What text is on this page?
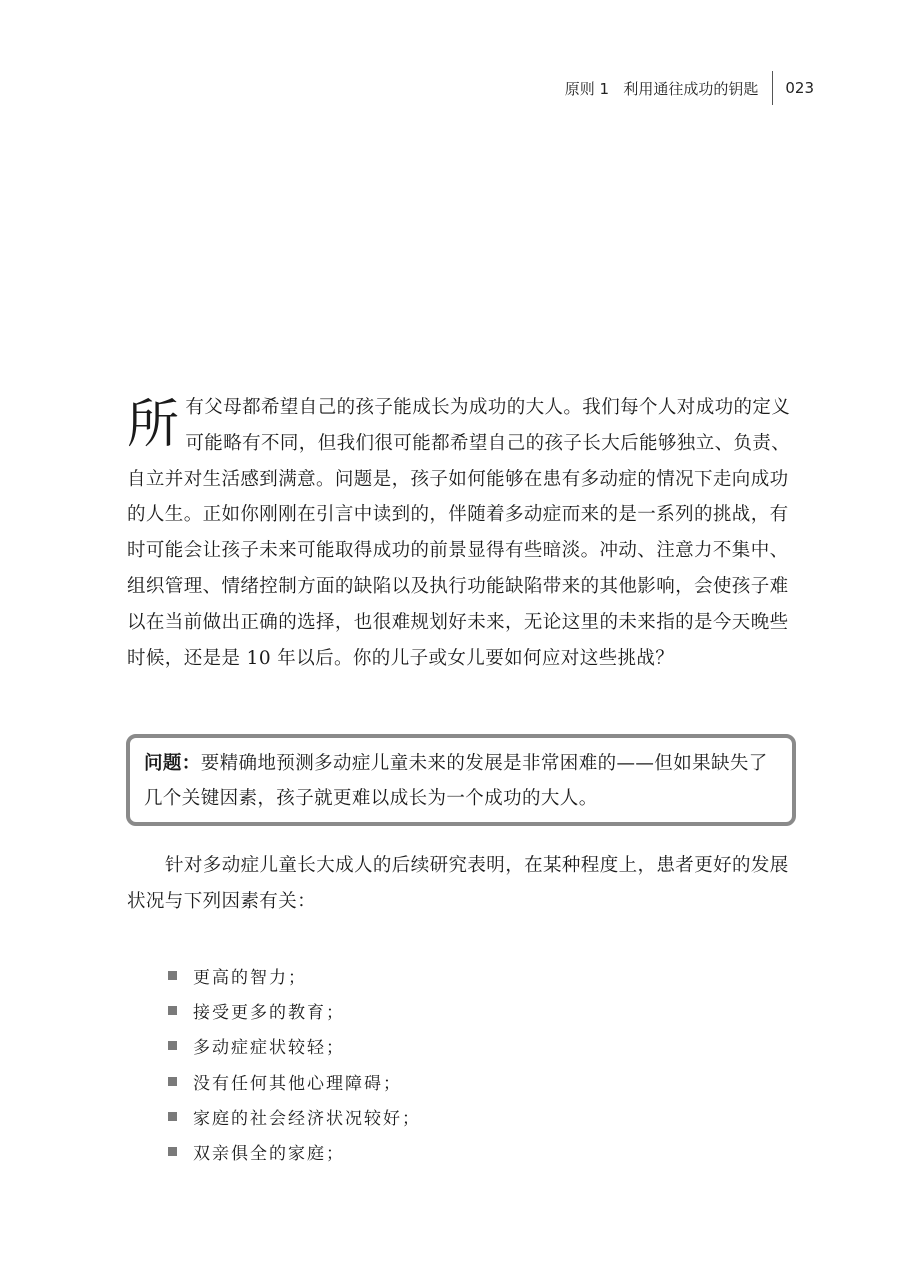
原则 1   利用通往成功的钥匙 023
所 有父母都希望自己的孩子能成长为成功的大人。我们每个人对成功的定义可能略有不同，但我们很可能都希望自己的孩子长大后能够独立、负责、自立并对生活感到满意。问题是，孩子如何能够在患有多动症的情况下走向成功的人生。正如你刚刚在引言中读到的，伴随着多动症而来的是一系列的挑战，有时可能会让孩子未来可能取得成功的前景显得有些暗淡。冲动、注意力不集中、组织管理、情绪控制方面的缺陷以及执行功能缺陷带来的其他影响，会使孩子难以在当前做出正确的选择，也很难规划好未来，无论这里的未来指的是今天晚些时候，还是是 10 年以后。你的儿子或女儿要如何应对这些挑战？
问题：要精确地预测多动症儿童未来的发展是非常困难的——但如果缺失了几个关键因素，孩子就更难以成长为一个成功的大人。
针对多动症儿童长大成人的后续研究表明，在某种程度上，患者更好的发展状况与下列因素有关：
更高的智力；
接受更多的教育；
多动症症状较轻；
没有任何其他心理障碍；
家庭的社会经济状况较好；
双亲俱全的家庭；
